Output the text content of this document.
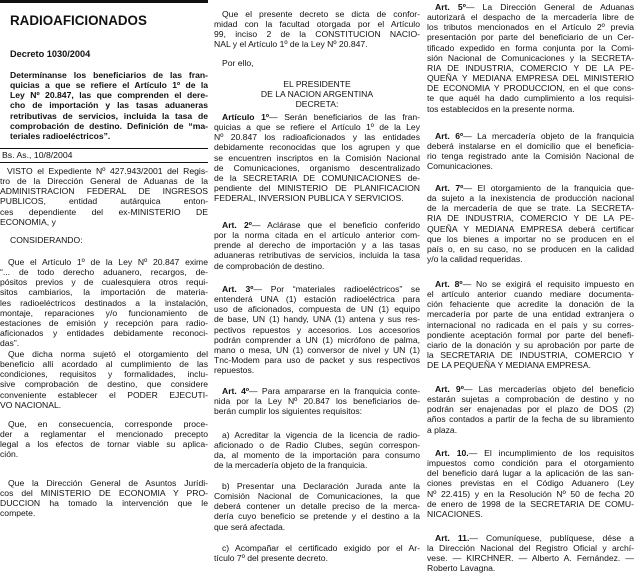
RADIOAFICIONADOS
Decreto 1030/2004
Determínanse los beneficiarios de las fran-
quicias a que se refiere el Artículo 1º de la
Ley Nº 20.847, las que comprenden el dere-
cho de importación y las tasas aduaneras
retributivas de servicios, incluida la tasa de
comprobación de destino. Definición de “ma-
teriales radioeléctricos”.
Bs. As., 10/8/2004
VISTO el Expediente Nº 427.943/2001 del Regis-
tro de la Dirección General de Aduanas de la
ADMINISTRACION FEDERAL DE INGRESOS
PUBLICOS, entidad autárquica enton-
ces dependiente del ex-MINISTERIO DE
ECONOMIA, y
CONSIDERANDO:
Que el Artículo 1º de la Ley Nº 20.847 exime
“... de todo derecho aduanero, recargos, de-
pósitos previos y de cualesquiera otros requi-
sitos cambiarios, la importación de materia-
les radioeléctricos destinados a la instalación,
montaje, reparaciones y/o funcionamiento de
estaciones de emisión y recepción para radio-
aficionados y entidades debidamente reconoci-
das”.
Que dicha norma sujetó el otorgamiento del
beneficio allí acordado al cumplimiento de las
condiciones, requisitos y formalidades, inclu-
sive comprobación de destino, que considere
conveniente establecer el PODER EJECUTI-
VO NACIONAL.
Que, en consecuencia, corresponde proce-
der a reglamentar el mencionado precepto
legal a los efectos de tornar viable su aplica-
ción.
Que la Dirección General de Asuntos Jurídi-
cos del MINISTERIO DE ECONOMIA Y PRO-
DUCCION ha tomado la intervención que le
compete.
Que el presente decreto se dicta de confor-
midad con la facultad otorgada por el Artículo
99, inciso 2 de la CONSTITUCION NACIO-
NAL y el Artículo 1º de la Ley Nº 20.847.
Por ello,
EL PRESIDENTE
DE LA NACION ARGENTINA
DECRETA:
Artículo 1º— Serán beneficiarios de las fran-
quicias a que se refiere el Artículo 1º de la Ley
Nº 20.847 los radioaficionados y las entidades
debidamente reconocidas que los agrupen y que
se encuentren inscriptos en la Comisión Nacional
de Comunicaciones, organismo descentralizado
de la SECRETARIA DE COMUNICACIONES de-
pendiente del MINISTERIO DE PLANIFICACION
FEDERAL, INVERSION PUBLICA Y SERVICIOS.
Art. 2º— Aclárase que el beneficio conferido
por la norma citada en el artículo anterior com-
prende al derecho de importación y a las tasas
aduaneras retributivas de servicios, incluida la tasa
de comprobación de destino.
Art. 3º— Por “materiales radioeléctricos” se
entenderá UNA (1) estación radioeléctrica para
uso de aficionados, compuesta de UN (1) equipo
de base, UN (1) handy, UNA (1) antena y sus res-
pectivos repuestos y accesorios. Los accesorios
podrán comprender a UN (1) micrófono de palma,
mano o mesa, UN (1) conversor de nivel y UN (1)
Tnc-Modem para uso de packet y sus respectivos
repuestos.
Art. 4º— Para ampararse en la franquicia conte-
nida por la Ley Nº 20.847 los beneficiarios de-
berán cumplir los siguientes requisitos:
a) Acreditar la vigencia de la licencia de radio-
aficionado o de Radio Clubes, según correspon-
da, al momento de la importación para consumo
de la mercadería objeto de la franquicia.
b) Presentar una Declaración Jurada ante la
Comisión Nacional de Comunicaciones, la que
deberá contener un detalle preciso de la merca-
dería cuyo beneficio se pretende y el destino a la
que será afectada.
c) Acompañar el certificado exigido por el Ar-
tículo 7º del presente decreto.
Art. 5º— La Dirección General de Aduanas
autorizará el despacho de la mercadería libre de
los tributos mencionados en el Artículo 2º previa
presentación por parte del beneficiario de un Cer-
tificado expedido en forma conjunta por la Comi-
sión Nacional de Comunicaciones y la SECRETA-
RIA DE INDUSTRIA, COMERCIO Y DE LA PE-
QUEÑA Y MEDIANA EMPRESA DEL MINISTERIO
DE ECONOMIA Y PRODUCCION, en el que cons-
te que aquél ha dado cumplimiento a los requisi-
tos establecidos en la presente norma.
Art. 6º— La mercadería objeto de la franquicia
deberá instalarse en el domicilio que el beneficia-
rio tenga registrado ante la Comisión Nacional de
Comunicaciones.
Art. 7º— El otorgamiento de la franquicia que-
da sujeto a la inexistencia de producción nacional
de la mercadería de que se trate. La SECRETA-
RIA DE INDUSTRIA, COMERCIO Y DE LA PE-
QUEÑA Y MEDIANA EMPRESA deberá certificar
que los bienes a importar no se producen en el
país o, en su caso, no se producen en la calidad
y/o la calidad requeridas.
Art. 8º— No se exigirá el requisito impuesto en
el artículo anterior cuando mediare documenta-
ción fehaciente que acredite la donación de la
mercadería por parte de una entidad extranjera o
internacional no radicada en el país y su corres-
pondiente aceptación formal por parte del benefi-
ciario de la donación y su aprobación por parte de
la SECRETARIA DE INDUSTRIA, COMERCIO Y
DE LA PEQUEÑA Y MEDIANA EMPRESA.
Art. 9º— Las mercaderías objeto del beneficio
estarán sujetas a comprobación de destino y no
podrán ser enajenadas por el plazo de DOS (2)
años contados a partir de la fecha de su libramiento
a plaza.
Art. 10.— El incumplimiento de los requisitos
impuestos como condición para el otorgamiento
del beneficio dará lugar a la aplicación de las san-
ciones previstas en el Código Aduanero (Ley
Nº 22.415) y en la Resolución Nº 50 de fecha 20
de enero de 1998 de la SECRETARIA DE COMU-
NICACIONES.
Art. 11.— Comuníquese, publíquese, dése a
la Dirección Nacional del Registro Oficial y archí-
vese. — KIRCHNER. — Alberto A. Fernández. —
Roberto Lavagna.
